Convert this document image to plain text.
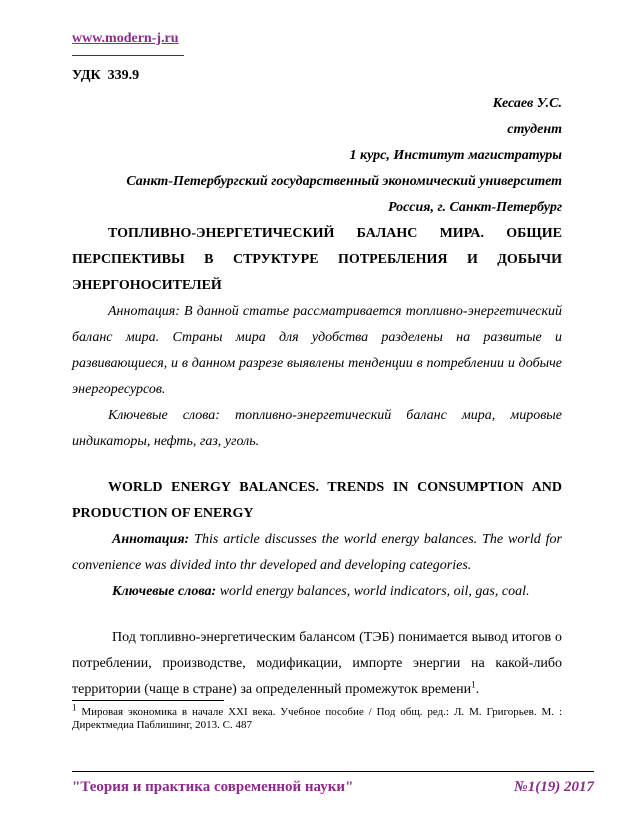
www.modern-j.ru
УДК  339.9
Кесаев У.С.
студент
1 курс, Институт магистратуры
Санкт-Петербургский государственный экономический университет
Россия, г. Санкт-Петербург
ТОПЛИВНО-ЭНЕРГЕТИЧЕСКИЙ БАЛАНС МИРА. ОБЩИЕ ПЕРСПЕКТИВЫ В СТРУКТУРЕ ПОТРЕБЛЕНИЯ И ДОБЫЧИ ЭНЕРГОНОСИТЕЛЕЙ

Аннотация: В данной статье рассматривается топливно-энергетический баланс мира. Страны мира для удобства разделены на развитые и развивающиеся, и в данном разрезе выявлены тенденции в потреблении и добыче энергоресурсов.

Ключевые слова: топливно-энергетический баланс мира, мировые индикаторы, нефть, газ, уголь.

WORLD ENERGY BALANCES. TRENDS IN CONSUMPTION AND PRODUCTION OF ENERGY

Аннотация: This article discusses the world energy balances. The world for convenience was divided into thr developed and developing categories.

Ключевые слова: world energy balances, world indicators, oil, gas, coal.

Под топливно-энергетическим балансом (ТЭБ) понимается вывод итогов о потреблении, производстве, модификации, импорте энергии на какой-либо территории (чаще в стране) за определенный промежуток времени$^1$.

$^1$ Мировая экономика в начале XXI века. Учебное пособие / Под общ. ред.: Л. М. Григорьев. М. : Директмедиа Паблишинг, 2013. С. 487

"Теория и практика современной науки"	№1(19) 2017
